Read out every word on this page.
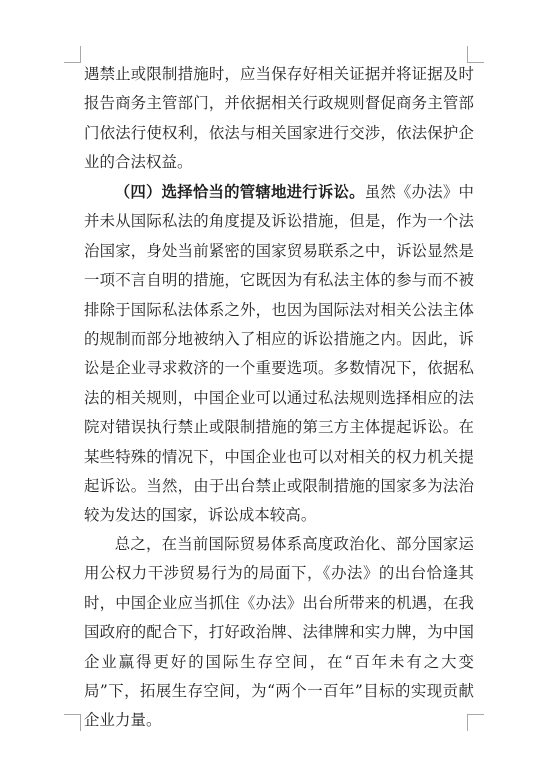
遇禁止或限制措施时，应当保存好相关证据并将证据及时报告商务主管部门，并依据相关行政规则督促商务主管部门依法行使权利，依法与相关国家进行交涉，依法保护企业的合法权益。

（四）选择恰当的管辖地进行诉讼。虽然《办法》中并未从国际私法的角度提及诉讼措施，但是，作为一个法治国家，身处当前紧密的国家贸易联系之中，诉讼显然是一项不言自明的措施，它既因为有私法主体的参与而不被排除于国际私法体系之外，也因为国际法对相关公法主体的规制而部分地被纳入了相应的诉讼措施之内。因此，诉讼是企业寻求救济的一个重要选项。多数情况下，依据私法的相关规则，中国企业可以通过私法规则选择相应的法院对错误执行禁止或限制措施的第三方主体提起诉讼。在某些特殊的情况下，中国企业也可以对相关的权力机关提起诉讼。当然，由于出台禁止或限制措施的国家多为法治较为发达的国家，诉讼成本较高。

总之，在当前国际贸易体系高度政治化、部分国家运用公权力干涉贸易行为的局面下，《办法》的出台恰逢其时，中国企业应当抓住《办法》出台所带来的机遇，在我国政府的配合下，打好政治牌、法律牌和实力牌，为中国企业赢得更好的国际生存空间，在“百年未有之大变局”下，拓展生存空间，为“两个一百年”目标的实现贡献企业力量。
